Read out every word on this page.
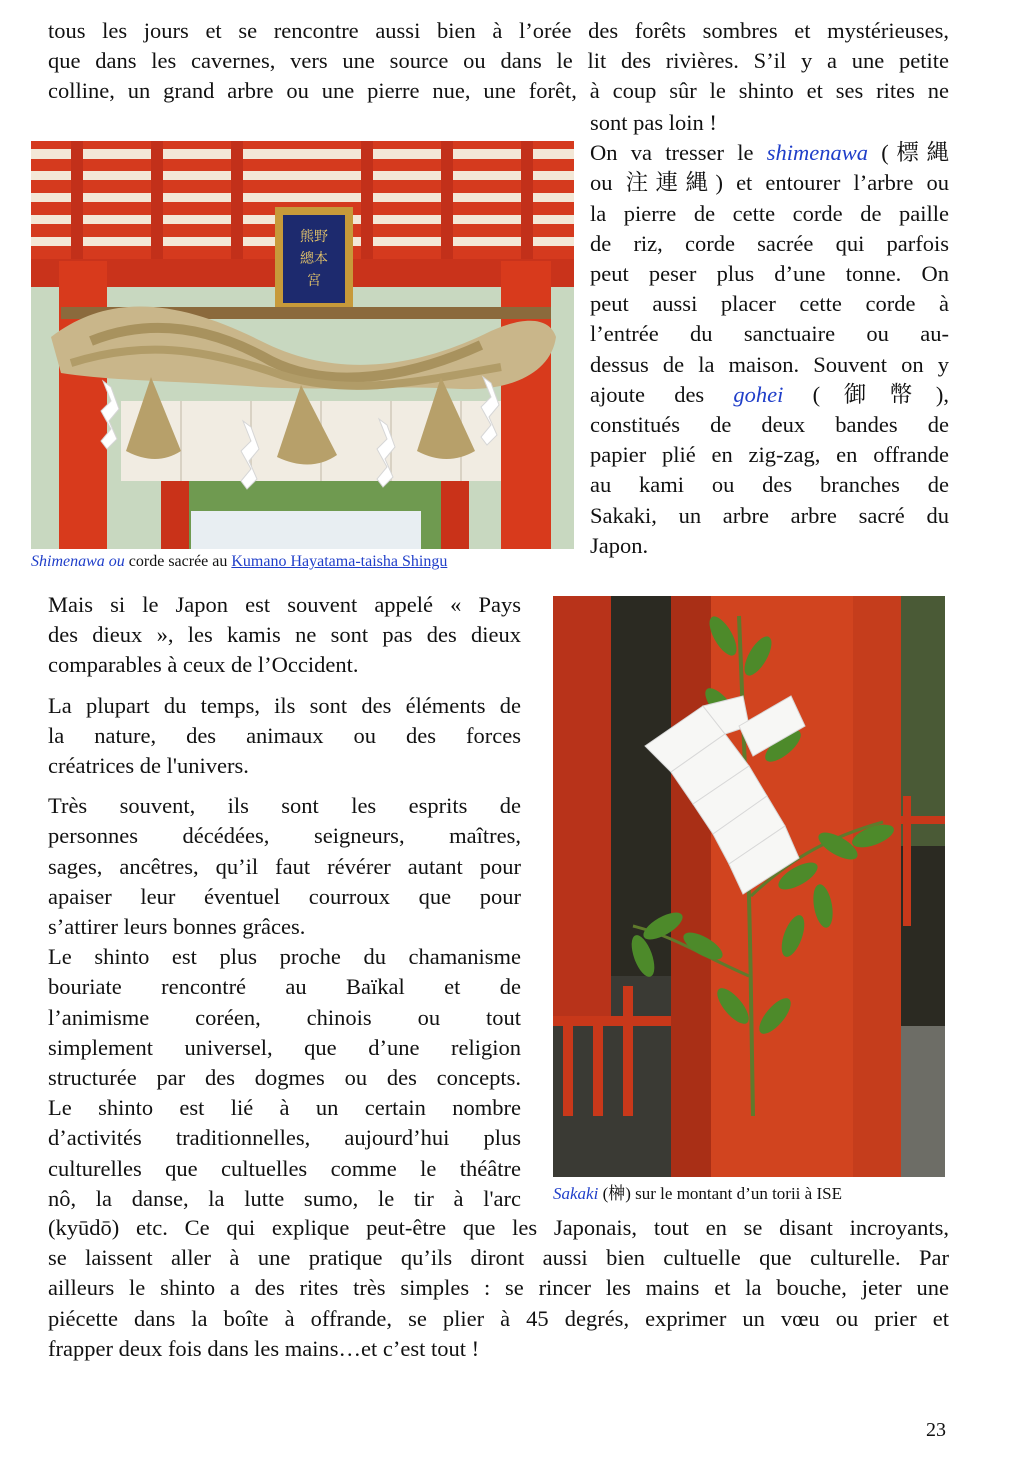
tous les jours et se rencontre aussi bien à l’orée des forêts sombres et mystérieuses,
que dans les cavernes, vers une source ou dans le lit des rivières. S’il y a une petite
colline, un grand arbre ou une pierre nue, une forêt, à coup sûr le shinto et ses rites ne
sont pas loin !
On va tresser le shimenawa (標縄
ou 注連縄) et entourer l’arbre ou
la pierre de cette corde de paille
de riz, corde sacrée qui parfois
peut peser plus d’une tonne. On
peut aussi placer cette corde à
l’entrée du sanctuaire ou au-
dessus de la maison. Souvent on y
ajoute des gohei (御幣),
constitués de deux bandes de
papier plié en zig-zag, en offrande
au kami ou des branches de
Sakaki, un arbre arbre sacré du
Japon.
熊野
總本
宮
Shimenawa ou corde sacrée au Kumano Hayatama-taisha Shingu
Mais si le Japon est souvent appelé « Pays
des dieux », les kamis ne sont pas des dieux
comparables à ceux de l’Occident.
La plupart du temps, ils sont des éléments de
la nature, des animaux ou des forces
créatrices de l'univers.
Très souvent, ils sont les esprits de
personnes décédées, seigneurs, maîtres,
sages, ancêtres, qu’il faut révérer autant pour
apaiser leur éventuel courroux que pour
s’attirer leurs bonnes grâces.
Le shinto est plus proche du chamanisme
bouriate rencontré au Baïkal et de
l’animisme coréen, chinois ou tout
simplement universel, que d’une religion
structurée par des dogmes ou des concepts.
Le shinto est lié à un certain nombre
d’activités traditionnelles, aujourd’hui plus
culturelles que cultuelles comme le théâtre
nô, la danse, la lutte sumo, le tir à l'arc Sakaki (榊) sur le montant d’un torii à ISE
(kyūdō) etc. Ce qui explique peut-être que les Japonais, tout en se disant incroyants,
se laissent aller à une pratique qu’ils diront aussi bien cultuelle que culturelle. Par
ailleurs le shinto a des rites très simples : se rincer les mains et la bouche, jeter une
piécette dans la boîte à offrande, se plier à 45 degrés, exprimer un vœu ou prier et
frapper deux fois dans les mains…et c’est tout !
23
